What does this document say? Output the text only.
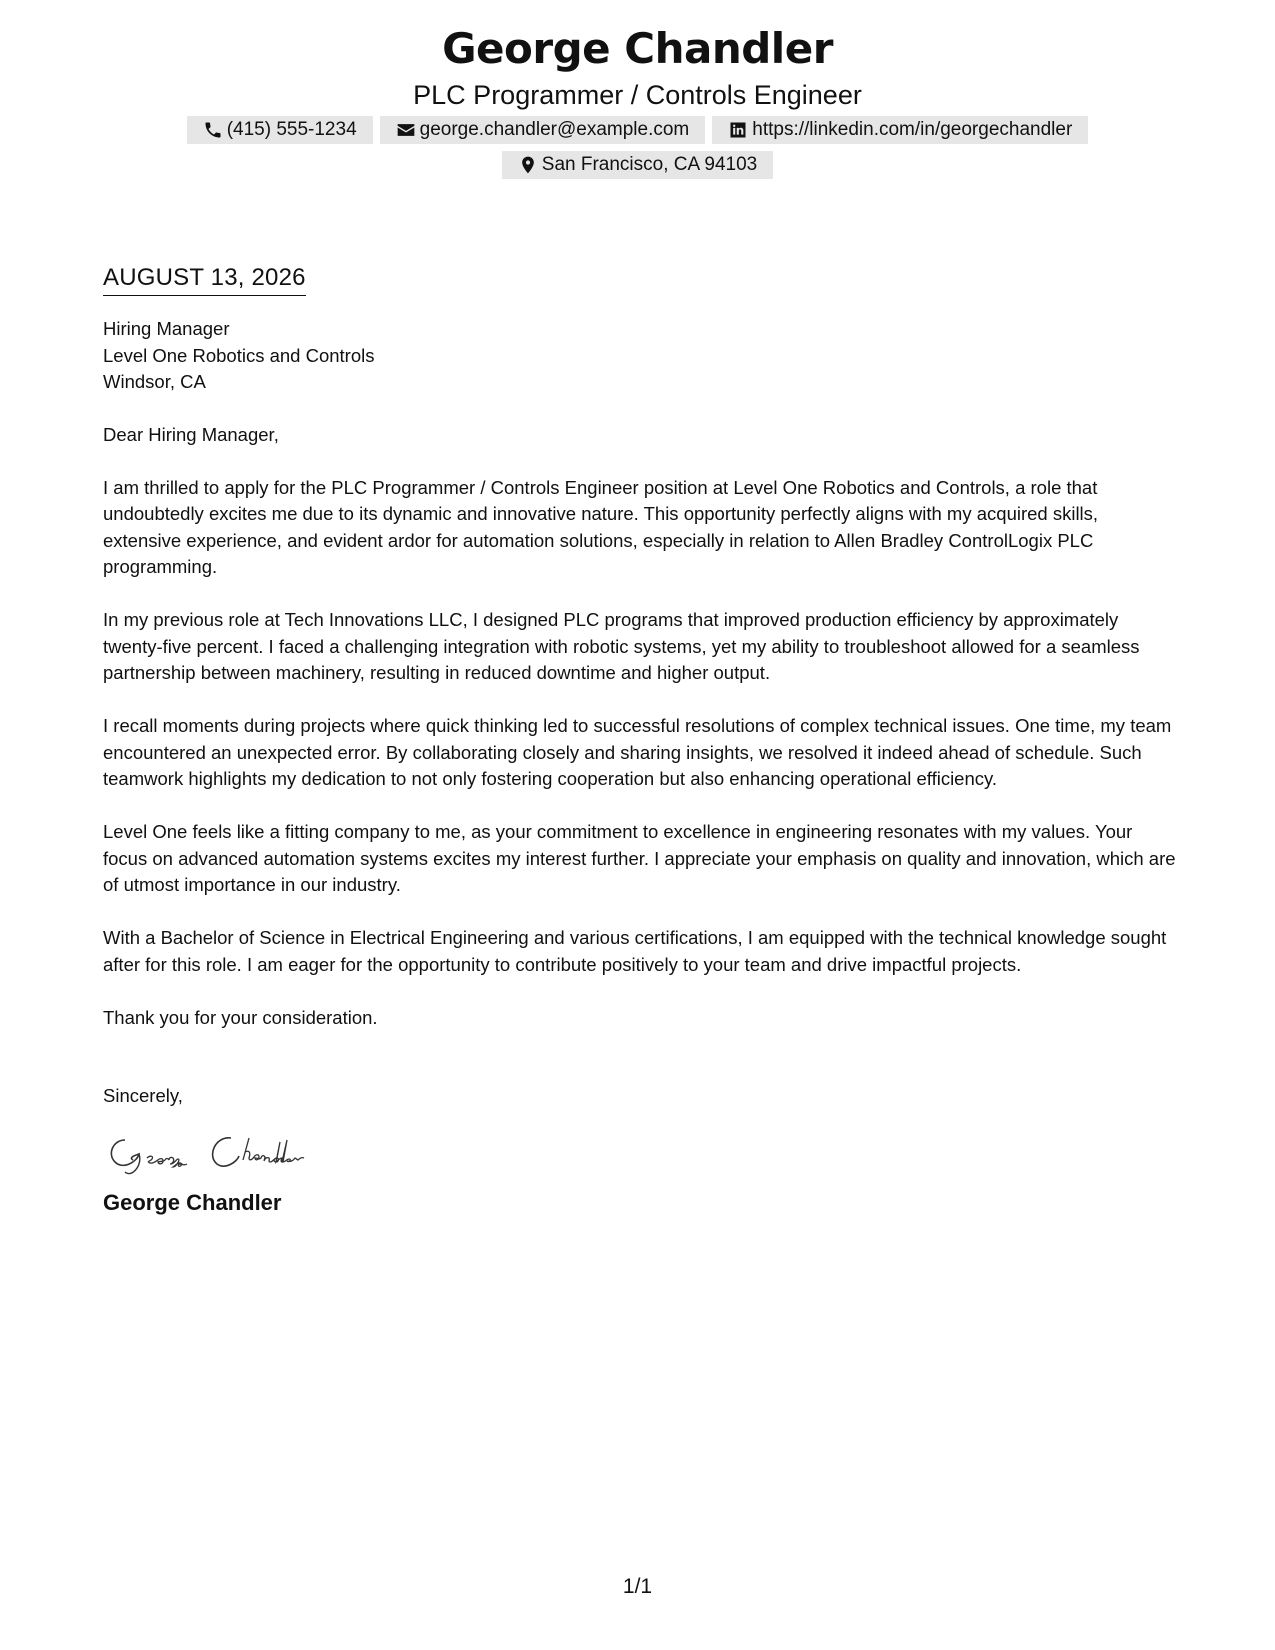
George Chandler
PLC Programmer / Controls Engineer
(415) 555-1234	george.chandler@example.com	https://linkedin.com/in/georgechandler
San Francisco, CA 94103
AUGUST 13, 2026
Hiring Manager
Level One Robotics and Controls
Windsor, CA

Dear Hiring Manager,

I am thrilled to apply for the PLC Programmer / Controls Engineer position at Level One Robotics and Controls, a role that undoubtedly excites me due to its dynamic and innovative nature. This opportunity perfectly aligns with my acquired skills, extensive experience, and evident ardor for automation solutions, especially in relation to Allen Bradley ControlLogix PLC programming.

In my previous role at Tech Innovations LLC, I designed PLC programs that improved production efficiency by approximately twenty-five percent. I faced a challenging integration with robotic systems, yet my ability to troubleshoot allowed for a seamless partnership between machinery, resulting in reduced downtime and higher output.

I recall moments during projects where quick thinking led to successful resolutions of complex technical issues. One time, my team encountered an unexpected error. By collaborating closely and sharing insights, we resolved it indeed ahead of schedule. Such teamwork highlights my dedication to not only fostering cooperation but also enhancing operational efficiency.

Level One feels like a fitting company to me, as your commitment to excellence in engineering resonates with my values. Your focus on advanced automation systems excites my interest further. I appreciate your emphasis on quality and innovation, which are of utmost importance in our industry.

With a Bachelor of Science in Electrical Engineering and various certifications, I am equipped with the technical knowledge sought after for this role. I am eager for the opportunity to contribute positively to your team and drive impactful projects.

Thank you for your consideration.

Sincerely,
George Chandler
1/1
